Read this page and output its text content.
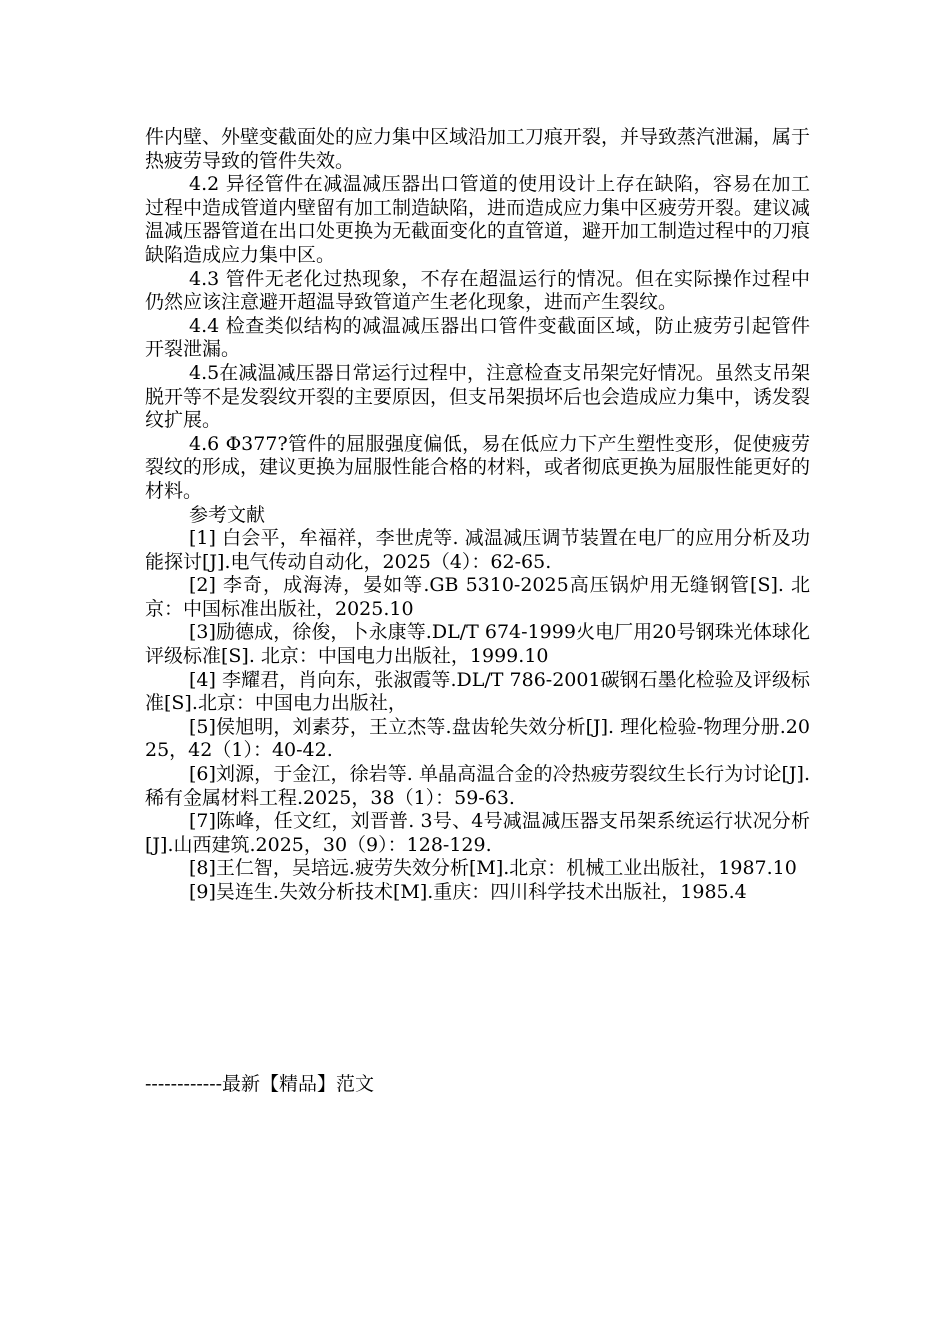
件内壁、外壁变截面处的应力集中区域沿加工刀痕开裂，并导致蒸汽泄漏，属于热疲劳导致的管件失效。

4.2 异径管件在减温减压器出口管道的使用设计上存在缺陷，容易在加工过程中造成管道内壁留有加工制造缺陷，进而造成应力集中区疲劳开裂。建议减温减压器管道在出口处更换为无截面变化的直管道，避开加工制造过程中的刀痕缺陷造成应力集中区。

4.3 管件无老化过热现象，不存在超温运行的情况。但在实际操作过程中仍然应该注意避开超温导致管道产生老化现象，进而产生裂纹。

4.4 检查类似结构的减温减压器出口管件变截面区域，防止疲劳引起管件开裂泄漏。

4.5在减温减压器日常运行过程中，注意检查支吊架完好情况。虽然支吊架脱开等不是发裂纹开裂的主要原因，但支吊架损坏后也会造成应力集中，诱发裂纹扩展。

4.6 Φ377?管件的屈服强度偏低，易在低应力下产生塑性变形，促使疲劳裂纹的形成，建议更换为屈服性能合格的材料，或者彻底更换为屈服性能更好的材料。

参考文献

[1] 白会平，牟福祥，李世虎等. 减温减压调节装置在电厂的应用分析及功能探讨[J].电气传动自动化，2025（4）：62-65.

[2] 李奇，成海涛，晏如等.GB 5310-2025高压锅炉用无缝钢管[S]. 北京：中国标准出版社，2025.10

[3]励德成，徐俊，卜永康等.DL/T 674-1999火电厂用20号钢珠光体球化评级标准[S]. 北京：中国电力出版社，1999.10

[4] 李耀君，肖向东，张淑霞等.DL/T 786-2001碳钢石墨化检验及评级标准[S].北京：中国电力出版社，

[5]侯旭明，刘素芬，王立杰等.盘齿轮失效分析[J]. 理化检验-物理分册.2025，42（1）：40-42.

[6]刘源，于金江，徐岩等. 单晶高温合金的冷热疲劳裂纹生长行为讨论[J].稀有金属材料工程.2025，38（1）：59-63.

[7]陈峰，任文红，刘晋普. 3号、4号减温减压器支吊架系统运行状况分析[J].山西建筑.2025，30（9）：128-129.

[8]王仁智，吴培远.疲劳失效分析[M].北京：机械工业出版社，1987.10

[9]吴连生.失效分析技术[M].重庆：四川科学技术出版社，1985.4

------------最新【精品】范文
